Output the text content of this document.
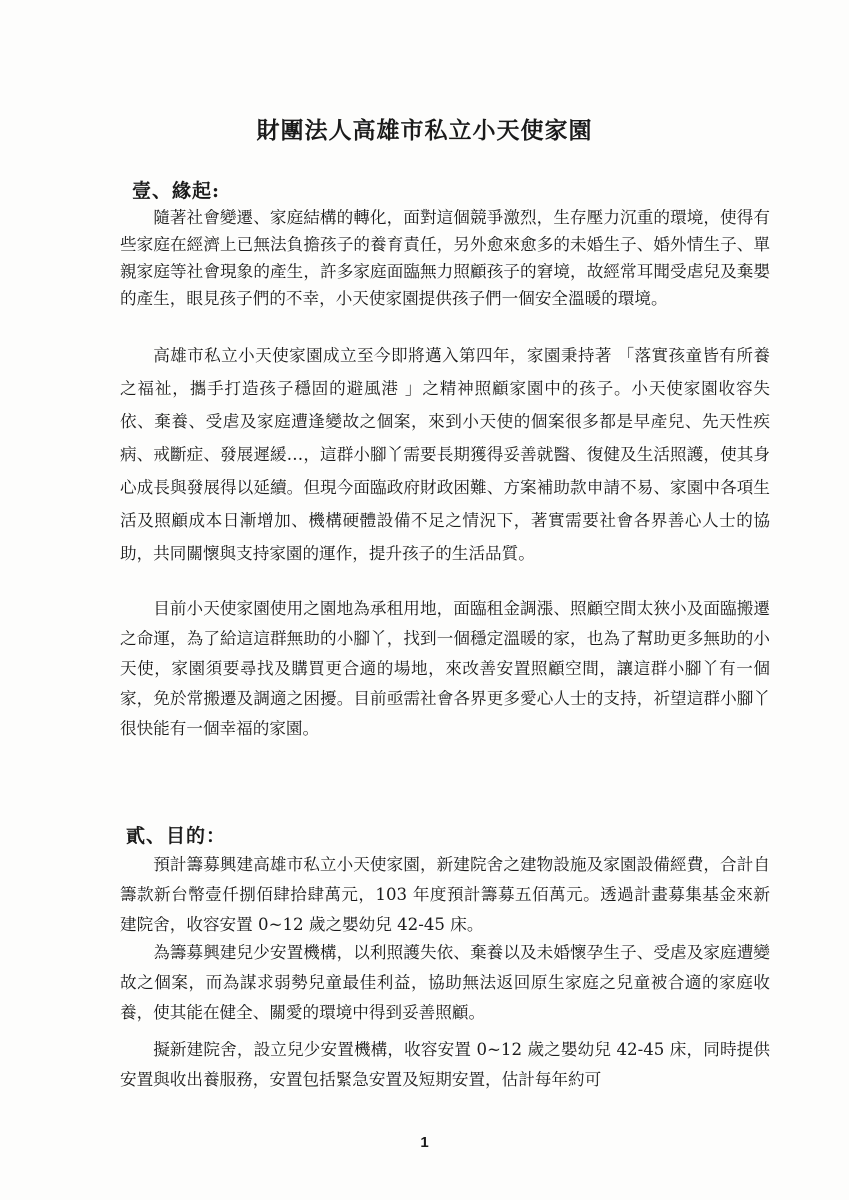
財團法人高雄市私立小天使家園
壹、緣起:

隨著社會變遷、家庭結構的轉化，面對這個競爭激烈，生存壓力沉重的環境，使得有些家庭在經濟上已無法負擔孩子的養育責任，另外愈來愈多的未婚生子、婚外情生子、單親家庭等社會現象的產生，許多家庭面臨無力照顧孩子的窘境，故經常耳聞受虐兒及棄嬰的產生，眼見孩子們的不幸，小天使家園提供孩子們一個安全溫暖的環境。

高雄市私立小天使家園成立至今即將邁入第四年，家園秉持著 「落實孩童皆有所養之福祉，攜手打造孩子穩固的避風港 」之精神照顧家園中的孩子。小天使家園收容失依、棄養、受虐及家庭遭逢變故之個案，來到小天使的個案很多都是早產兒、先天性疾病、戒斷症、發展遲緩…，這群小腳丫需要長期獲得妥善就醫、復健及生活照護，使其身心成長與發展得以延續。但現今面臨政府財政困難、方案補助款申請不易、家園中各項生活及照顧成本日漸增加、機構硬體設備不足之情況下，著實需要社會各界善心人士的協助，共同關懷與支持家園的運作，提升孩子的生活品質。

目前小天使家園使用之園地為承租用地，面臨租金調漲、照顧空間太狹小及面臨搬遷之命運，為了給這這群無助的小腳丫，找到一個穩定溫暖的家，也為了幫助更多無助的小天使，家園須要尋找及購買更合適的場地，來改善安置照顧空間，讓這群小腳丫有一個家，免於常搬遷及調適之困擾。目前亟需社會各界更多愛心人士的支持，祈望這群小腳丫很快能有一個幸福的家園。

貳、目的：

預計籌募興建高雄市私立小天使家園，新建院舍之建物設施及家園設備經費，合計自籌款新台幣壹仟捌佰肆拾肆萬元，103 年度預計籌募五佰萬元。透過計畫募集基金來新建院舍，收容安置 0~12 歲之嬰幼兒 42-45 床。

為籌募興建兒少安置機構，以利照護失依、棄養以及未婚懷孕生子、受虐及家庭遭變故之個案，而為謀求弱勢兒童最佳利益，協助無法返回原生家庭之兒童被合適的家庭收養，使其能在健全、關愛的環境中得到妥善照顧。

擬新建院舍，設立兒少安置機構，收容安置 0~12 歲之嬰幼兒 42-45 床，同時提供安置與收出養服務，安置包括緊急安置及短期安置，估計每年約可

1
